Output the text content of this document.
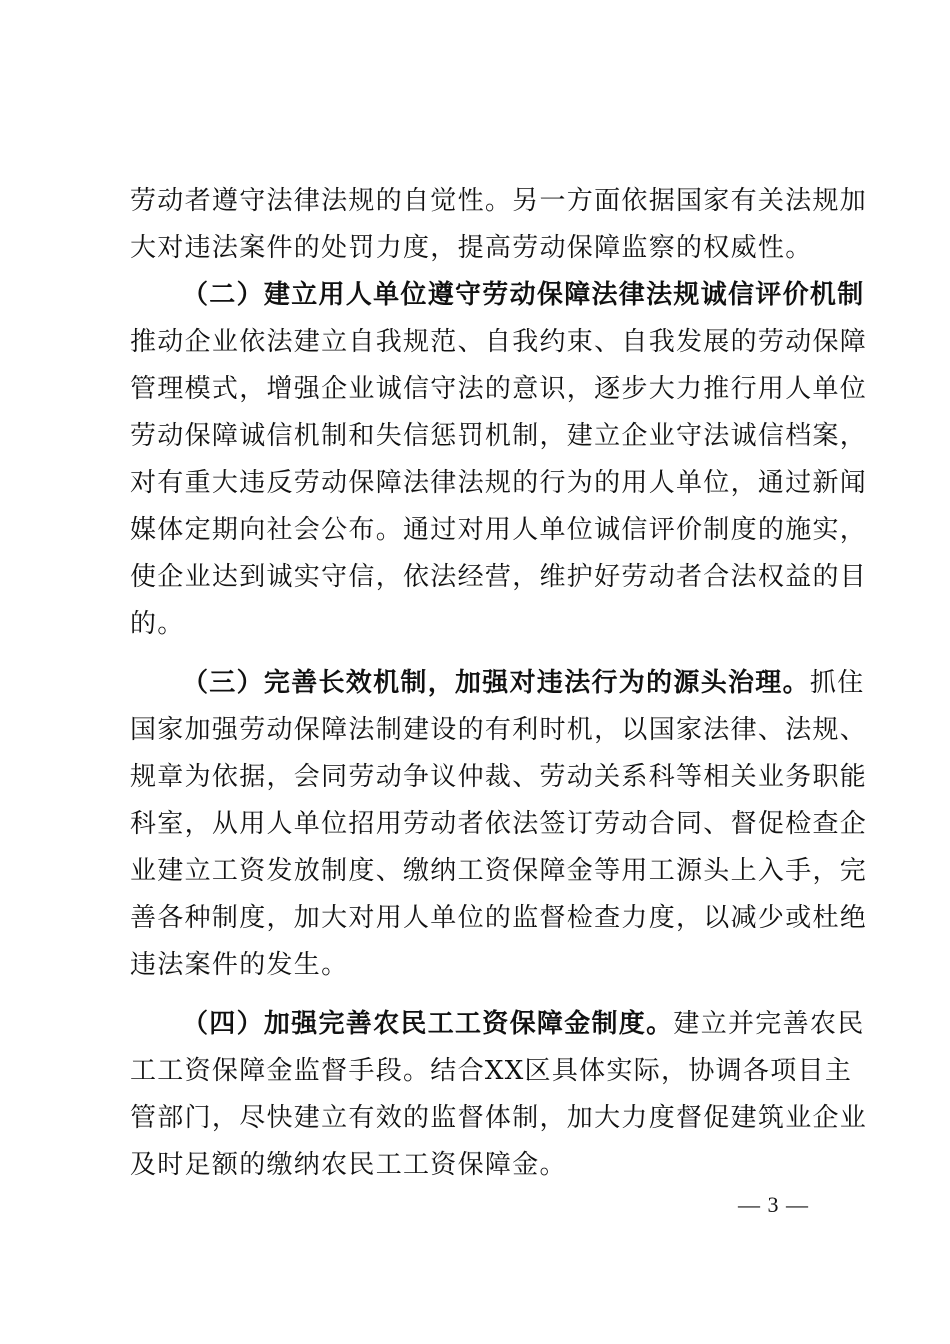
劳动者遵守法律法规的自觉性。另一方面依据国家有关法规加
大对违法案件的处罚力度，提高劳动保障监察的权威性。
（二）建立用人单位遵守劳动保障法律法规诚信评价机制
推动企业依法建立自我规范、自我约束、自我发展的劳动保障
管理模式，增强企业诚信守法的意识，逐步大力推行用人单位
劳动保障诚信机制和失信惩罚机制，建立企业守法诚信档案，
对有重大违反劳动保障法律法规的行为的用人单位，通过新闻
媒体定期向社会公布。通过对用人单位诚信评价制度的施实，
使企业达到诚实守信，依法经营，维护好劳动者合法权益的目
的。
（三）完善长效机制，加强对违法行为的源头治理。抓住
国家加强劳动保障法制建设的有利时机，以国家法律、法规、
规章为依据，会同劳动争议仲裁、劳动关系科等相关业务职能
科室，从用人单位招用劳动者依法签订劳动合同、督促检查企
业建立工资发放制度、缴纳工资保障金等用工源头上入手，完
善各种制度，加大对用人单位的监督检查力度，以减少或杜绝
违法案件的发生。
（四）加强完善农民工工资保障金制度。建立并完善农民
工工资保障金监督手段。结合XX区具体实际，协调各项目主
管部门，尽快建立有效的监督体制，加大力度督促建筑业企业
及时足额的缴纳农民工工资保障金。
— 3 —
